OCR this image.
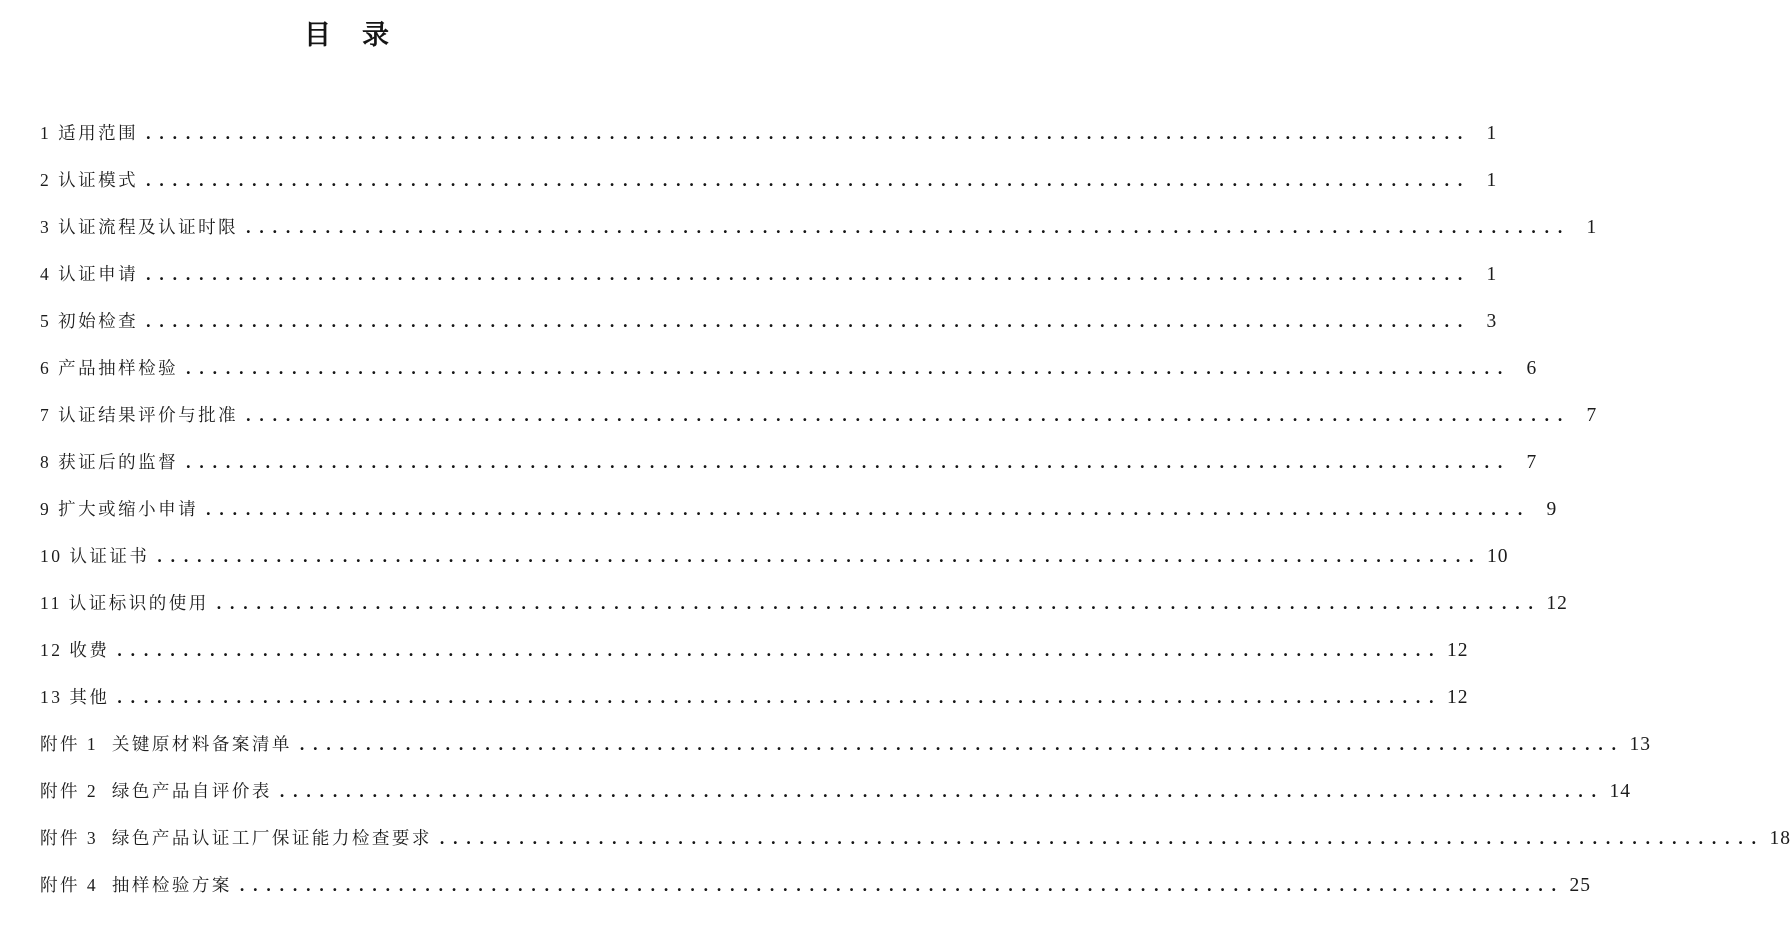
目　录
1 适用范围 . . . . . . . . . . . . . . . . . . . . . . . . . . . . . . . . . . . . . . . . . . . . . . . . . . . . . . . . . . . . . . . . . . . . . . . . . . . . . . . . . . . . . . . . . . . . . . . . . . . .	1
2 认证模式 . . . . . . . . . . . . . . . . . . . . . . . . . . . . . . . . . . . . . . . . . . . . . . . . . . . . . . . . . . . . . . . . . . . . . . . . . . . . . . . . . . . . . . . . . . . . . . . . . . . .	1
3 认证流程及认证时限 . . . . . . . . . . . . . . . . . . . . . . . . . . . . . . . . . . . . . . . . . . . . . . . . . . . . . . . . . . . . . . . . . . . . . . . . . . . . . . . . . . . . . . . . . . . . . . . . . . . .	1
4 认证申请 . . . . . . . . . . . . . . . . . . . . . . . . . . . . . . . . . . . . . . . . . . . . . . . . . . . . . . . . . . . . . . . . . . . . . . . . . . . . . . . . . . . . . . . . . . . . . . . . . . . .	1
5 初始检查 . . . . . . . . . . . . . . . . . . . . . . . . . . . . . . . . . . . . . . . . . . . . . . . . . . . . . . . . . . . . . . . . . . . . . . . . . . . . . . . . . . . . . . . . . . . . . . . . . . . .	3
6 产品抽样检验 . . . . . . . . . . . . . . . . . . . . . . . . . . . . . . . . . . . . . . . . . . . . . . . . . . . . . . . . . . . . . . . . . . . . . . . . . . . . . . . . . . . . . . . . . . . . . . . . . . . .	6
7 认证结果评价与批准 . . . . . . . . . . . . . . . . . . . . . . . . . . . . . . . . . . . . . . . . . . . . . . . . . . . . . . . . . . . . . . . . . . . . . . . . . . . . . . . . . . . . . . . . . . . . . . . . . . . .	7
8 获证后的监督 . . . . . . . . . . . . . . . . . . . . . . . . . . . . . . . . . . . . . . . . . . . . . . . . . . . . . . . . . . . . . . . . . . . . . . . . . . . . . . . . . . . . . . . . . . . . . . . . . . . .	7
9 扩大或缩小申请 . . . . . . . . . . . . . . . . . . . . . . . . . . . . . . . . . . . . . . . . . . . . . . . . . . . . . . . . . . . . . . . . . . . . . . . . . . . . . . . . . . . . . . . . . . . . . . . . . . . .	9
10 认证证书 . . . . . . . . . . . . . . . . . . . . . . . . . . . . . . . . . . . . . . . . . . . . . . . . . . . . . . . . . . . . . . . . . . . . . . . . . . . . . . . . . . . . . . . . . . . . . . . . . . . . 10
11 认证标识的使用 . . . . . . . . . . . . . . . . . . . . . . . . . . . . . . . . . . . . . . . . . . . . . . . . . . . . . . . . . . . . . . . . . . . . . . . . . . . . . . . . . . . . . . . . . . . . . . . . . . . . 12
12 收费 . . . . . . . . . . . . . . . . . . . . . . . . . . . . . . . . . . . . . . . . . . . . . . . . . . . . . . . . . . . . . . . . . . . . . . . . . . . . . . . . . . . . . . . . . . . . . . . . . . . . 12
13 其他 . . . . . . . . . . . . . . . . . . . . . . . . . . . . . . . . . . . . . . . . . . . . . . . . . . . . . . . . . . . . . . . . . . . . . . . . . . . . . . . . . . . . . . . . . . . . . . . . . . . . 12
附件 1  关键原材料备案清单 . . . . . . . . . . . . . . . . . . . . . . . . . . . . . . . . . . . . . . . . . . . . . . . . . . . . . . . . . . . . . . . . . . . . . . . . . . . . . . . . . . . . . . . . . . . . . . . . . . . . 13
附件 2  绿色产品自评价表 . . . . . . . . . . . . . . . . . . . . . . . . . . . . . . . . . . . . . . . . . . . . . . . . . . . . . . . . . . . . . . . . . . . . . . . . . . . . . . . . . . . . . . . . . . . . . . . . . . . . 14
附件 3  绿色产品认证工厂保证能力检查要求 . . . . . . . . . . . . . . . . . . . . . . . . . . . . . . . . . . . . . . . . . . . . . . . . . . . . . . . . . . . . . . . . . . . . . . . . . . . . . . . . . . . . . . . . . . . . . . . . . . . . 18
附件 4  抽样检验方案 . . . . . . . . . . . . . . . . . . . . . . . . . . . . . . . . . . . . . . . . . . . . . . . . . . . . . . . . . . . . . . . . . . . . . . . . . . . . . . . . . . . . . . . . . . . . . . . . . . . . 25
